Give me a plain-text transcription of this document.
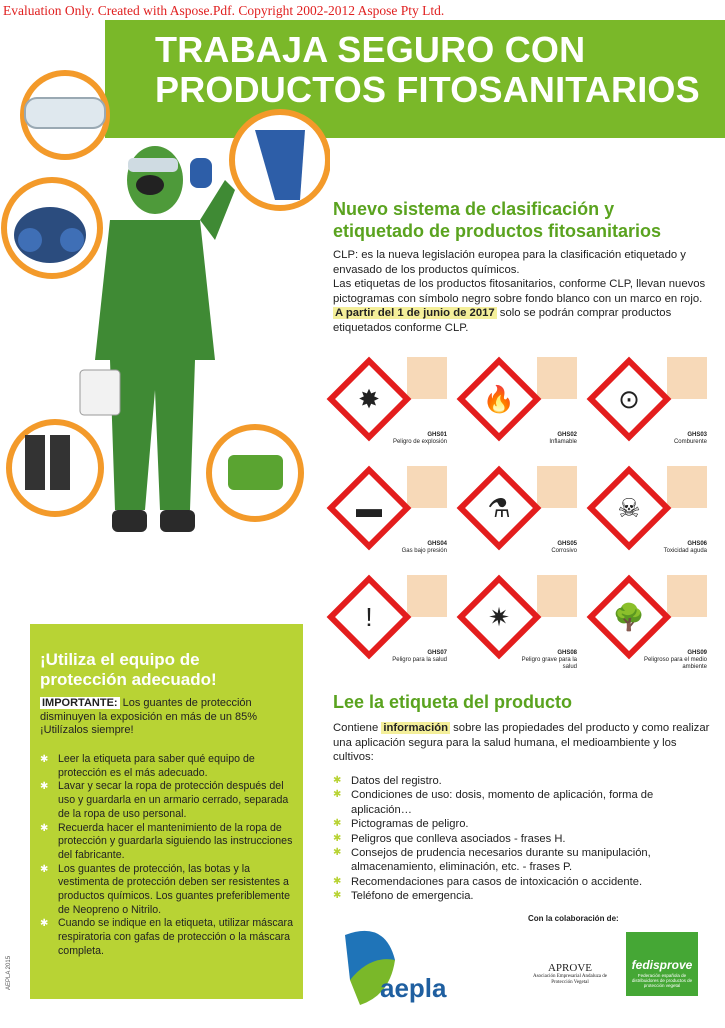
Evaluation Only. Created with Aspose.Pdf. Copyright 2002-2012 Aspose Pty Ltd.
TRABAJA SEGURO CON
PRODUCTOS FITOSANITARIOS
Nuevo sistema de clasificación y
etiquetado de productos fitosanitarios
CLP: es la nueva legislación europea para la clasificación etiquetado y envasado de los productos químicos.
Las etiquetas de los productos fitosanitarios, conforme CLP, llevan nuevos pictogramas con símbolo negro sobre fondo blanco con un marco en rojo.
A partir del 1 de junio de 2017 solo se podrán comprar productos etiquetados conforme CLP.
✸
GHS01
Peligro de explosión
🔥
GHS02
Inflamable
⊙
GHS03
Comburente
▬
GHS04
Gas bajo presión
⚗
GHS05
Corrosivo
☠
GHS06
Toxicidad aguda
!
GHS07
Peligro para la salud
✷
GHS08
Peligro grave para la salud
🌳
GHS09
Peligroso para el medio ambiente
Lee la etiqueta del producto
Contiene información sobre las propiedades del producto y como realizar una aplicación segura para la salud humana, el medioambiente y los cultivos:
✱ Datos del registro.
✱ Condiciones de uso: dosis, momento de aplicación, forma de aplicación…
✱ Pictogramas de peligro.
✱ Peligros que conlleva asociados - frases H.
✱ Consejos de prudencia necesarios durante su manipulación, almacenamiento, eliminación, etc. - frases P.
✱ Recomendaciones para casos de intoxicación o accidente.
✱ Teléfono de emergencia.
¡Utiliza el equipo de
protección adecuado!
IMPORTANTE: Los guantes de protección disminuyen la exposición en más de un 85% ¡Utilízalos siempre!
✱ Leer la etiqueta para saber qué equipo de protección es el más adecuado.
✱ Lavar y secar la ropa de protección después del uso y guardarla en un armario cerrado, separada de la ropa de uso personal.
✱ Recuerda hacer el mantenimiento de la ropa de protección y guardarla siguiendo las instrucciones del fabricante.
✱ Los guantes de protección, las botas y la vestimenta de protección deben ser resistentes a productos químicos. Los guantes preferiblemente de Neopreno o Nitrilo.
✱ Cuando se indique en la etiqueta, utilizar máscara respiratoria con gafas de protección o la máscara completa.
AEPLA 2015
Con la colaboración de:
aepla
APROVE
Asociación Empresarial Andaluza de Protección Vegetal
fedisprove
Federación española de distribuidores de productos de protección vegetal
